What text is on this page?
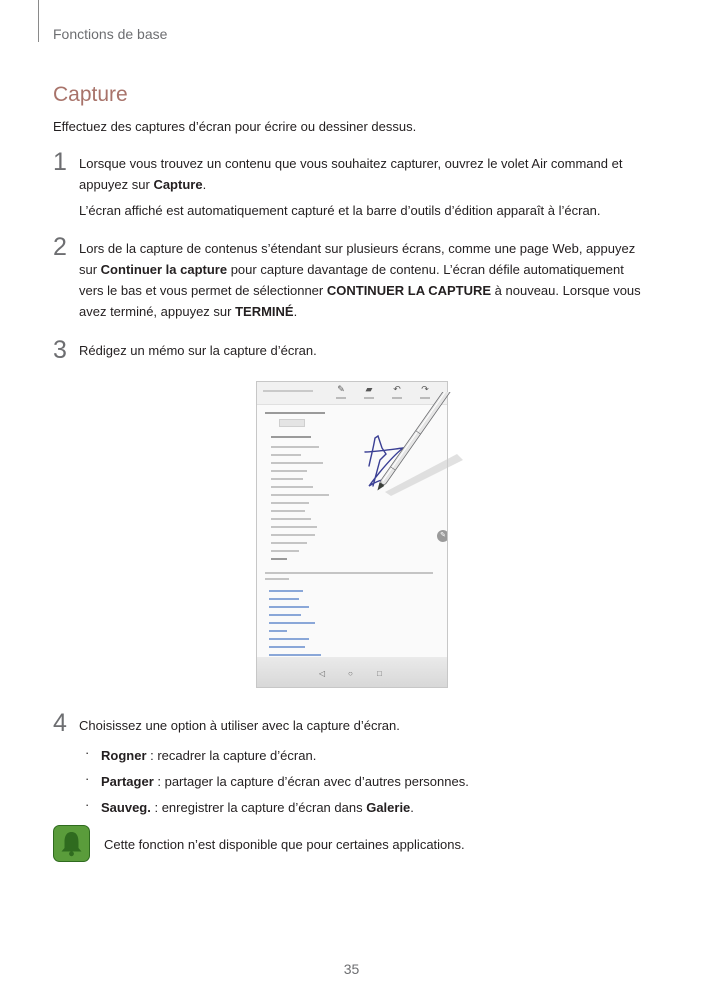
Fonctions de base
Capture
Effectuez des captures d’écran pour écrire ou dessiner dessus.
1 Lorsque vous trouvez un contenu que vous souhaitez capturer, ouvrez le volet Air command et
appuyez sur Capture.
L’écran affiché est automatiquement capturé et la barre d’outils d’édition apparaît à l’écran.
2 Lors de la capture de contenus s’étendant sur plusieurs écrans, comme une page Web, appuyez
sur Continuer la capture pour capture davantage de contenu. L’écran défile automatiquement
vers le bas et vous permet de sélectionner CONTINUER LA CAPTURE à nouveau. Lorsque vous
avez terminé, appuyez sur TERMINÉ.
3 Rédigez un mémo sur la capture d’écran.
✎ ▰ ↶ ↷
✎
◁	○	□
4 Choisissez une option à utiliser avec la capture d’écran.
· Rogner : recadrer la capture d’écran.
· Partager : partager la capture d’écran avec d’autres personnes.
· Sauveg. : enregistrer la capture d’écran dans Galerie.
Cette fonction n’est disponible que pour certaines applications.
35
